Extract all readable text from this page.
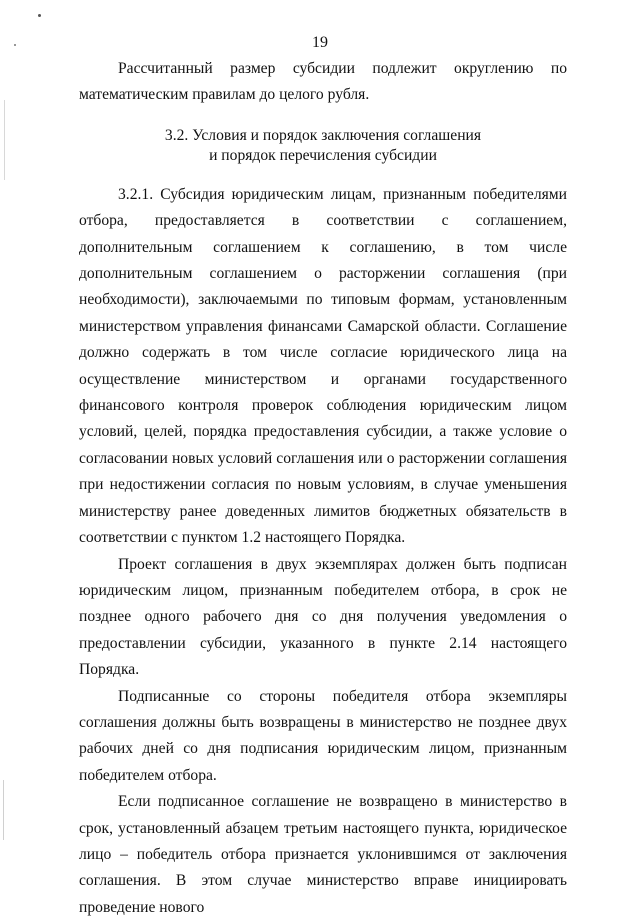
19

Рассчитанный размер субсидии подлежит округлению по математическим правилам до целого рубля.

3.2. Условия и порядок заключения соглашения
и порядок перечисления субсидии

3.2.1. Субсидия юридическим лицам, признанным победителями отбора, предоставляется в соответствии с соглашением, дополнительным соглашением к соглашению, в том числе дополнительным соглашением о расторжении соглашения (при необходимости), заключаемыми по типовым формам, установленным министерством управления финансами Самарской области. Соглашение должно содержать в том числе согласие юридического лица на осуществление министерством и органами государственного финансового контроля проверок соблюдения юридическим лицом условий, целей, порядка предоставления субсидии, а также условие о согласовании новых условий соглашения или о расторжении соглашения при недостижении согласия по новым условиям, в случае уменьшения министерству ранее доведенных лимитов бюджетных обязательств в соответствии с пунктом 1.2 настоящего Порядка.

Проект соглашения в двух экземплярах должен быть подписан юридическим лицом, признанным победителем отбора, в срок не позднее одного рабочего дня со дня получения уведомления о предоставлении субсидии, указанного в пункте 2.14 настоящего Порядка.

Подписанные со стороны победителя отбора экземпляры соглашения должны быть возвращены в министерство не позднее двух рабочих дней со дня подписания юридическим лицом, признанным победителем отбора.

Если подписанное соглашение не возвращено в министерство в срок, установленный абзацем третьим настоящего пункта, юридическое лицо – победитель отбора признается уклонившимся от заключения соглашения. В этом случае министерство вправе инициировать проведение нового
